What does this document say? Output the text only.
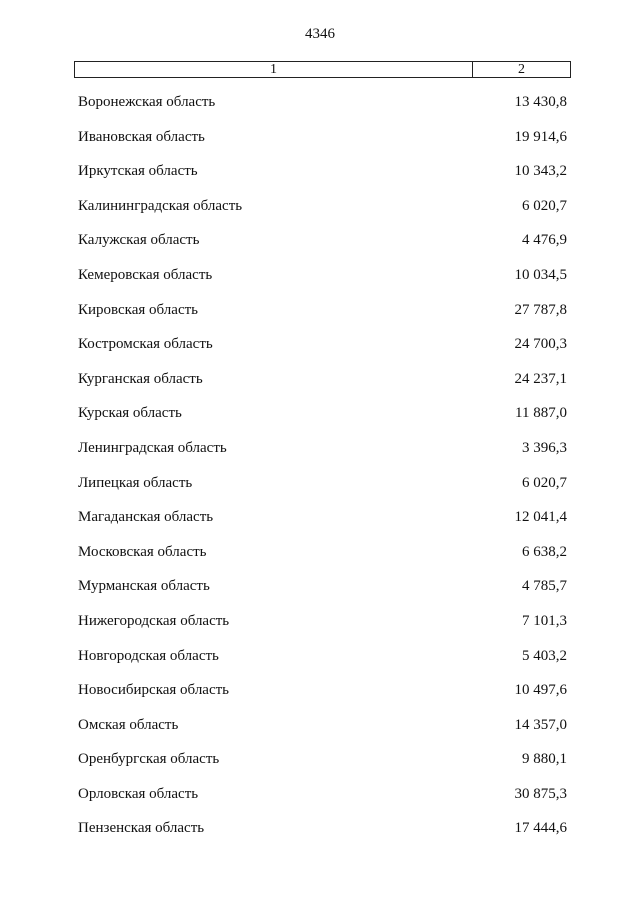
4346
1	2
Воронежская область	13 430,8
Ивановская область	19 914,6
Иркутская область	10 343,2
Калининградская область	6 020,7
Калужская область	4 476,9
Кемеровская область	10 034,5
Кировская область	27 787,8
Костромская область	24 700,3
Курганская область	24 237,1
Курская область	11 887,0
Ленинградская область	3 396,3
Липецкая область	6 020,7
Магаданская область	12 041,4
Московская область	6 638,2
Мурманская область	4 785,7
Нижегородская область	7 101,3
Новгородская область	5 403,2
Новосибирская область	10 497,6
Омская область	14 357,0
Оренбургская область	9 880,1
Орловская область	30 875,3
Пензенская область	17 444,6
